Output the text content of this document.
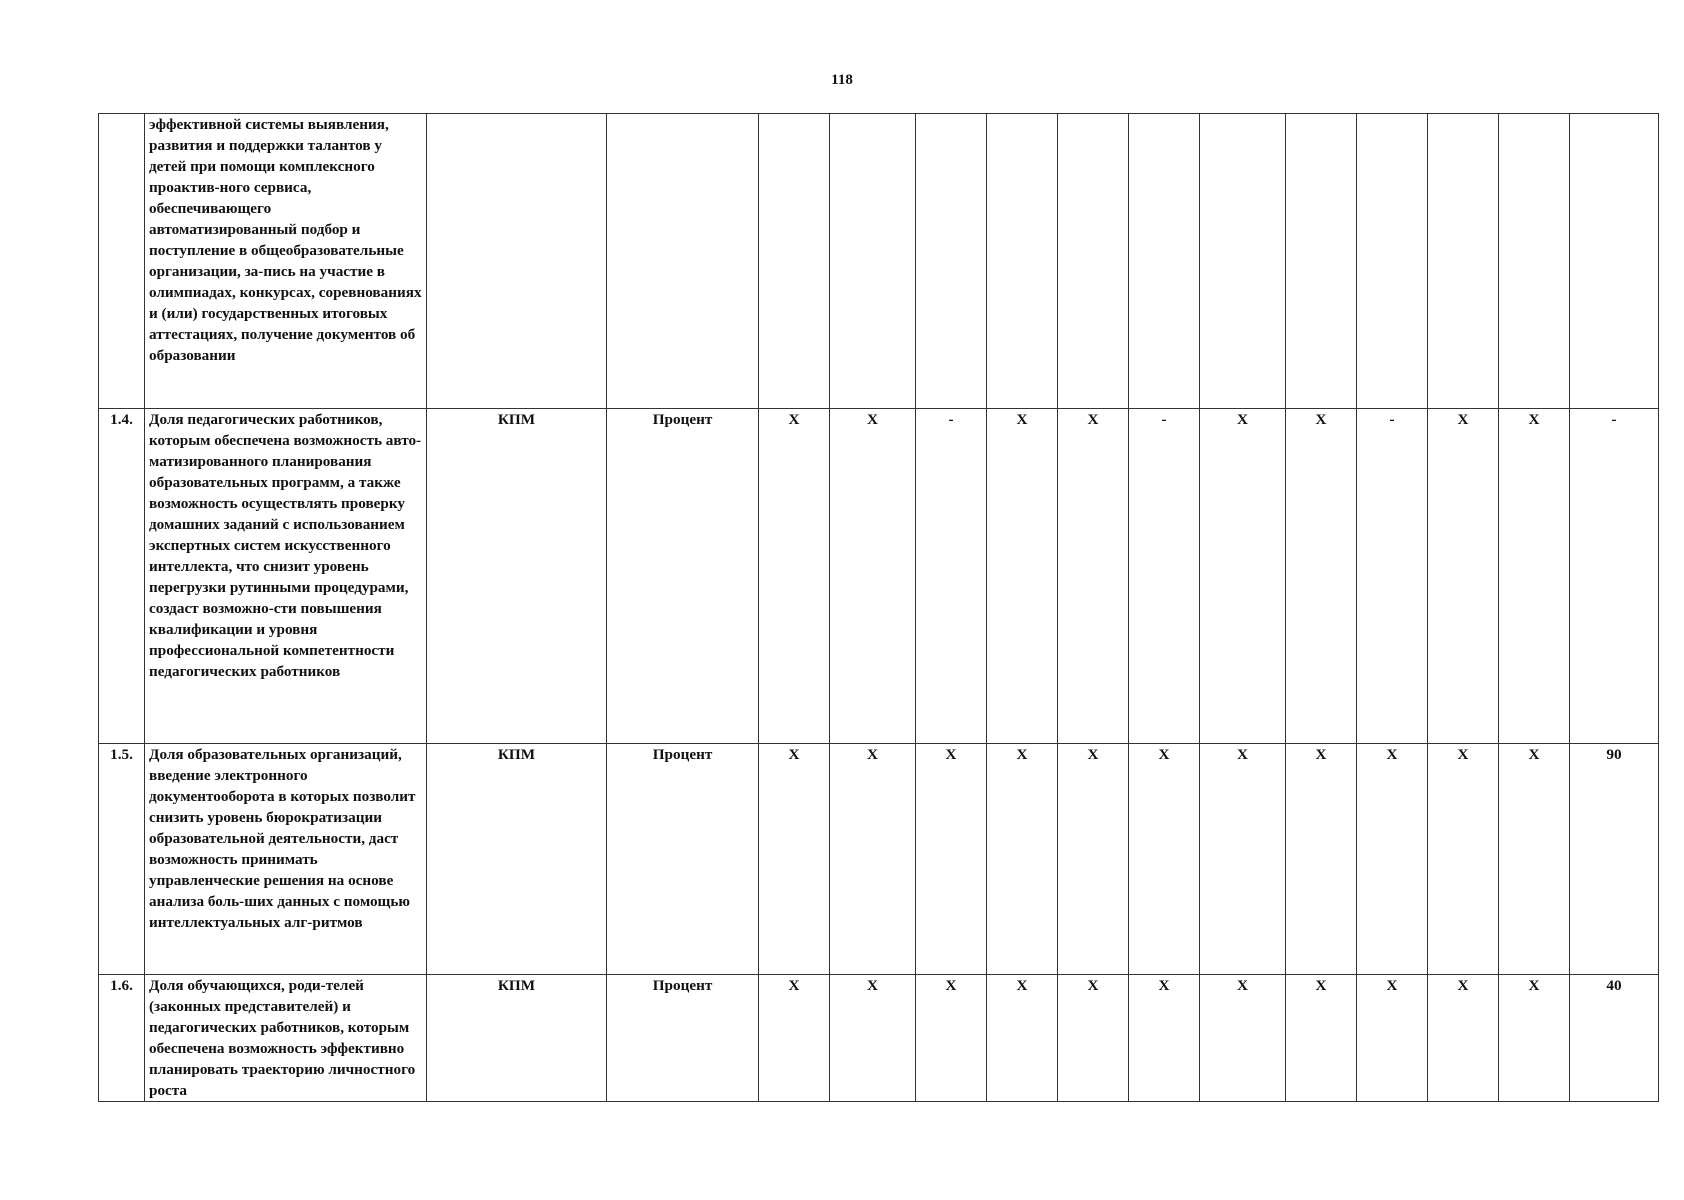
118
	эффективной системы выявления, развития и поддержки талантов у детей при помощи комплексного проактив-ного сервиса, обеспечивающего автоматизированный подбор и поступление в общеобразовательные организации, за-пись на участие в олимпиадах, конкурсах, соревнованиях и (или) государственных итоговых аттестациях, получение документов об образовании														
1.4.	Доля педагогических работников, которым обеспечена возможность авто-матизированного планирования образовательных программ, а также возможность осуществлять проверку домашних заданий с использованием экспертных систем искусственного интеллекта, что снизит уровень перегрузки рутинными процедурами, создаст возможно-сти повышения квалификации и уровня профессиональной компетентности педагогических работников	КПМ	Процент	X	X	-	X	X	-	X	X	-	X	X	-
1.5.	Доля образовательных организаций, введение электронного документооборота в которых позволит снизить уровень бюрократизации образовательной деятельности, даст возможность принимать управленческие решения на основе анализа боль-ших данных с помощью интеллектуальных алг-ритмов	КПМ	Процент	X	X	X	X	X	X	X	X	X	X	X	90
1.6.	Доля обучающихся, роди-телей (законных представителей) и педагогических работников, которым обеспечена возможность эффективно планировать траекторию личностного роста	КПМ	Процент	X	X	X	X	X	X	X	X	X	X	X	40
